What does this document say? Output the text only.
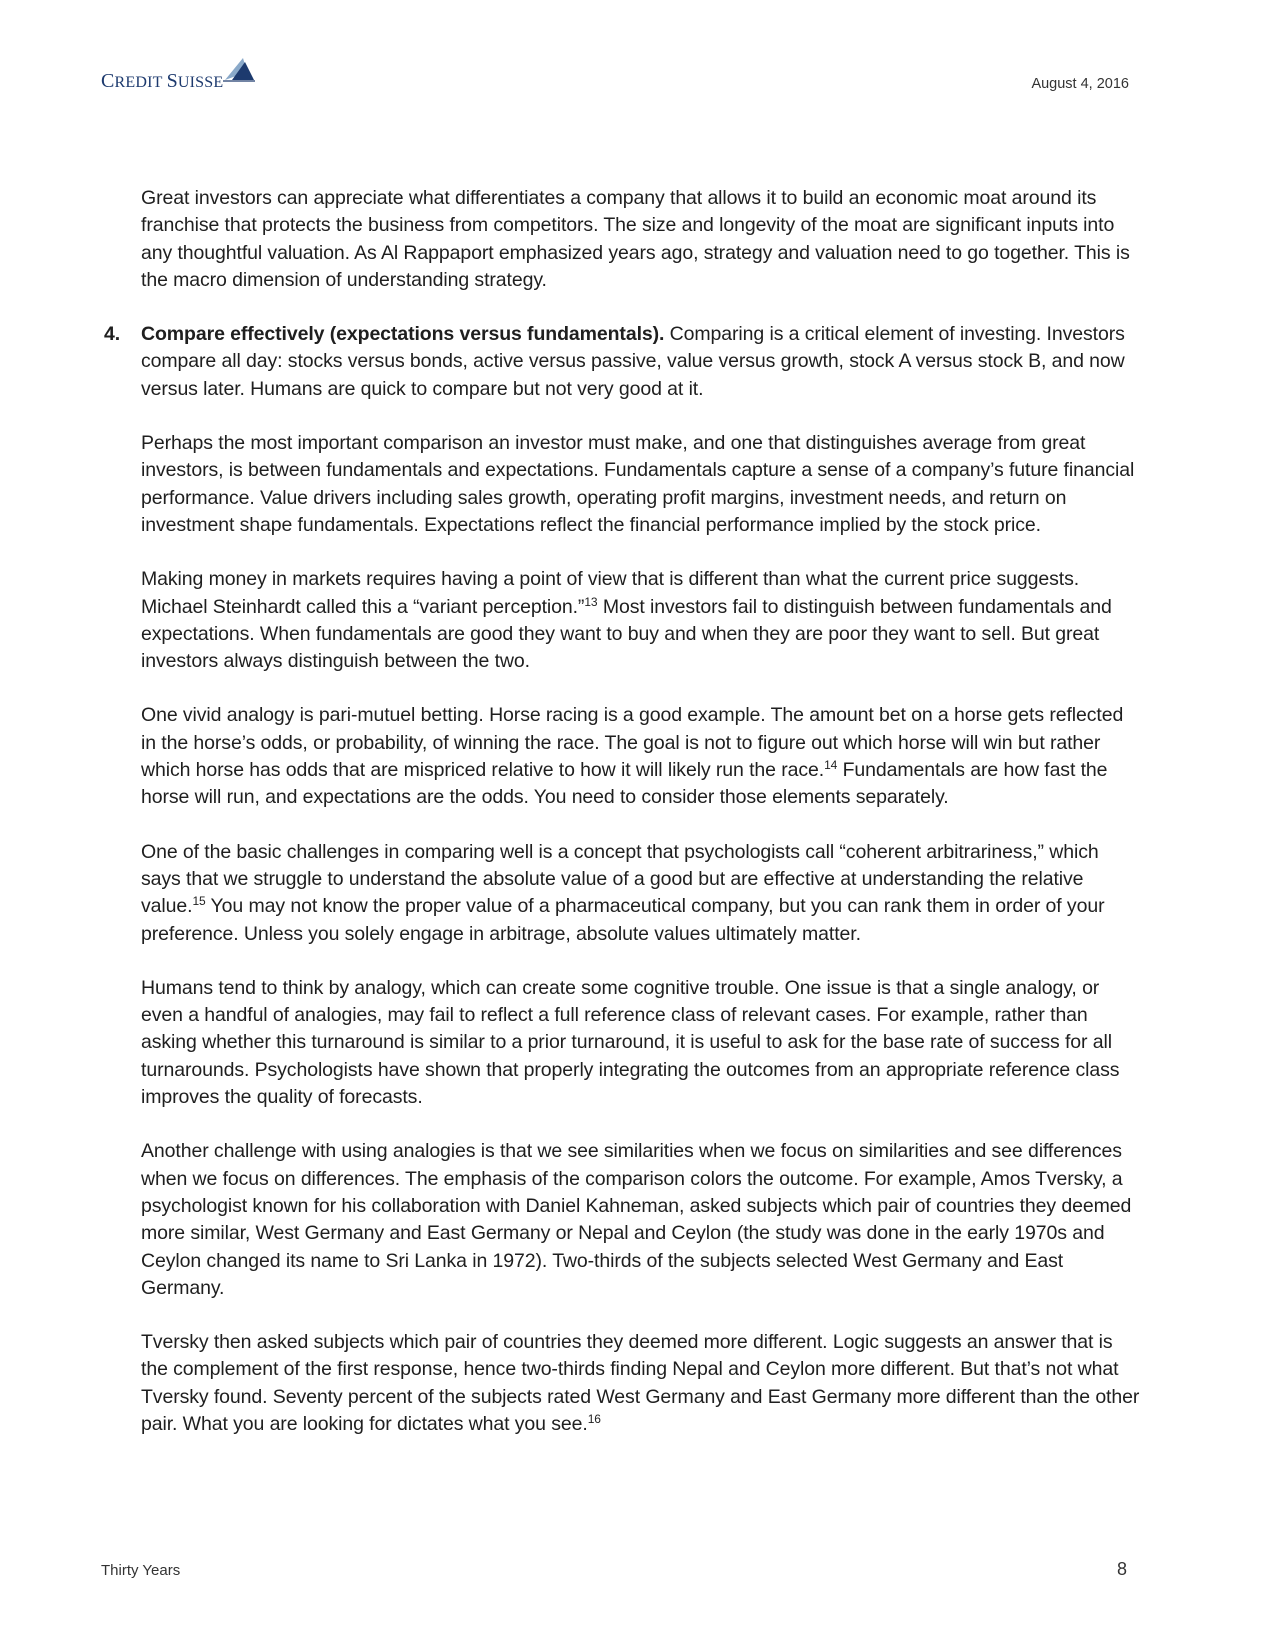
CREDIT SUISSE	August 4, 2016

Great investors can appreciate what differentiates a company that allows it to build an economic moat around its franchise that protects the business from competitors. The size and longevity of the moat are significant inputs into any thoughtful valuation. As Al Rappaport emphasized years ago, strategy and valuation need to go together. This is the macro dimension of understanding strategy.

4. Compare effectively (expectations versus fundamentals). Comparing is a critical element of investing. Investors compare all day: stocks versus bonds, active versus passive, value versus growth, stock A versus stock B, and now versus later. Humans are quick to compare but not very good at it.

Perhaps the most important comparison an investor must make, and one that distinguishes average from great investors, is between fundamentals and expectations. Fundamentals capture a sense of a company’s future financial performance. Value drivers including sales growth, operating profit margins, investment needs, and return on investment shape fundamentals. Expectations reflect the financial performance implied by the stock price.

Making money in markets requires having a point of view that is different than what the current price suggests. Michael Steinhardt called this a “variant perception.”$^{13}$ Most investors fail to distinguish between fundamentals and expectations. When fundamentals are good they want to buy and when they are poor they want to sell. But great investors always distinguish between the two.

One vivid analogy is pari-mutuel betting. Horse racing is a good example. The amount bet on a horse gets reflected in the horse’s odds, or probability, of winning the race. The goal is not to figure out which horse will win but rather which horse has odds that are mispriced relative to how it will likely run the race.$^{14}$ Fundamentals are how fast the horse will run, and expectations are the odds. You need to consider those elements separately.

One of the basic challenges in comparing well is a concept that psychologists call “coherent arbitrariness,” which says that we struggle to understand the absolute value of a good but are effective at understanding the relative value.$^{15}$ You may not know the proper value of a pharmaceutical company, but you can rank them in order of your preference. Unless you solely engage in arbitrage, absolute values ultimately matter.

Humans tend to think by analogy, which can create some cognitive trouble. One issue is that a single analogy, or even a handful of analogies, may fail to reflect a full reference class of relevant cases. For example, rather than asking whether this turnaround is similar to a prior turnaround, it is useful to ask for the base rate of success for all turnarounds. Psychologists have shown that properly integrating the outcomes from an appropriate reference class improves the quality of forecasts.

Another challenge with using analogies is that we see similarities when we focus on similarities and see differences when we focus on differences. The emphasis of the comparison colors the outcome. For example, Amos Tversky, a psychologist known for his collaboration with Daniel Kahneman, asked subjects which pair of countries they deemed more similar, West Germany and East Germany or Nepal and Ceylon (the study was done in the early 1970s and Ceylon changed its name to Sri Lanka in 1972). Two-thirds of the subjects selected West Germany and East Germany.

Tversky then asked subjects which pair of countries they deemed more different. Logic suggests an answer that is the complement of the first response, hence two-thirds finding Nepal and Ceylon more different. But that’s not what Tversky found. Seventy percent of the subjects rated West Germany and East Germany more different than the other pair. What you are looking for dictates what you see.$^{16}$

Thirty Years	8
